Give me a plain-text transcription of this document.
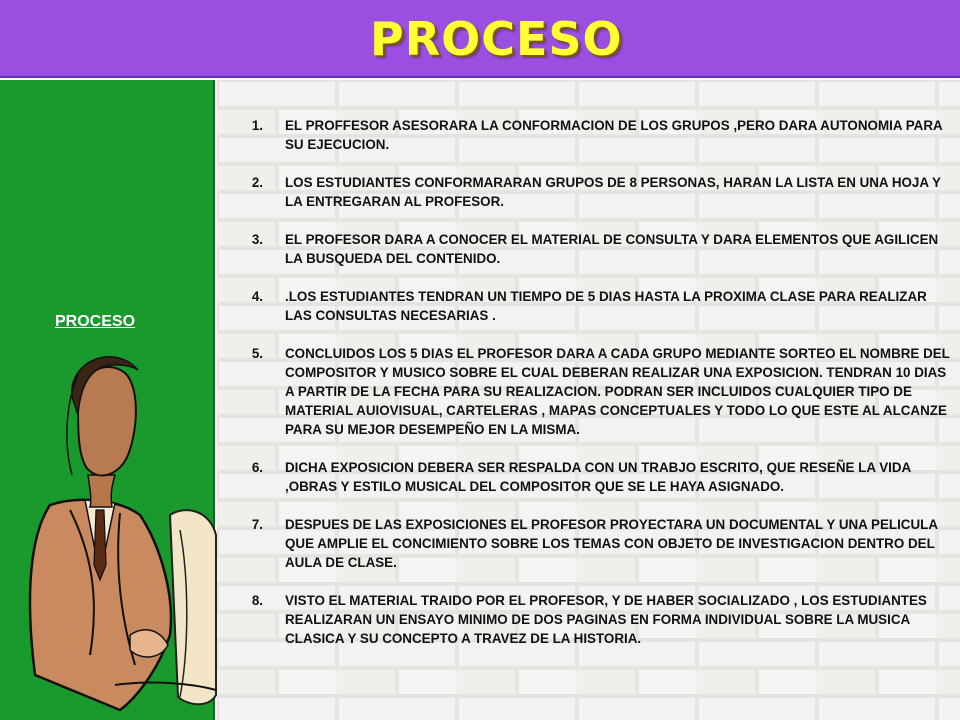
PROCESO
PROCESO
1. EL PROFFESOR ASESORARA LA CONFORMACION DE LOS GRUPOS ,PERO DARA AUTONOMIA PARA SU EJECUCION.
2. LOS ESTUDIANTES CONFORMARARAN GRUPOS DE 8 PERSONAS, HARAN LA LISTA EN UNA HOJA Y LA ENTREGARAN AL PROFESOR.
3. EL PROFESOR DARA A CONOCER EL MATERIAL DE CONSULTA Y DARA ELEMENTOS QUE AGILICEN LA BUSQUEDA DEL CONTENIDO.
4. .LOS ESTUDIANTES TENDRAN UN TIEMPO DE 5 DIAS HASTA LA PROXIMA CLASE PARA REALIZAR LAS CONSULTAS NECESARIAS .
5. CONCLUIDOS LOS 5 DIAS EL PROFESOR DARA A CADA GRUPO MEDIANTE SORTEO EL NOMBRE DEL COMPOSITOR Y MUSICO SOBRE EL CUAL DEBERAN REALIZAR UNA EXPOSICION. TENDRAN 10 DIAS A PARTIR DE LA FECHA PARA SU REALIZACION. PODRAN SER INCLUIDOS CUALQUIER TIPO DE MATERIAL AUIOVISUAL, CARTELERAS , MAPAS CONCEPTUALES Y TODO LO QUE ESTE AL ALCANZE PARA SU MEJOR DESEMPEÑO EN LA MISMA.
6. DICHA EXPOSICION DEBERA SER RESPALDA CON UN TRABJO ESCRITO, QUE RESEÑE LA VIDA ,OBRAS Y ESTILO MUSICAL DEL COMPOSITOR QUE SE LE HAYA ASIGNADO.
7. DESPUES DE LAS EXPOSICIONES EL PROFESOR PROYECTARA UN DOCUMENTAL Y UNA PELICULA QUE AMPLIE EL CONCIMIENTO SOBRE LOS TEMAS CON OBJETO DE INVESTIGACION DENTRO DEL AULA DE CLASE.
8. VISTO EL MATERIAL TRAIDO POR EL PROFESOR, Y DE HABER SOCIALIZADO , LOS ESTUDIANTES REALIZARAN UN ENSAYO MINIMO DE DOS PAGINAS EN FORMA INDIVIDUAL SOBRE LA MUSICA CLASICA Y SU CONCEPTO A TRAVEZ DE LA HISTORIA.
